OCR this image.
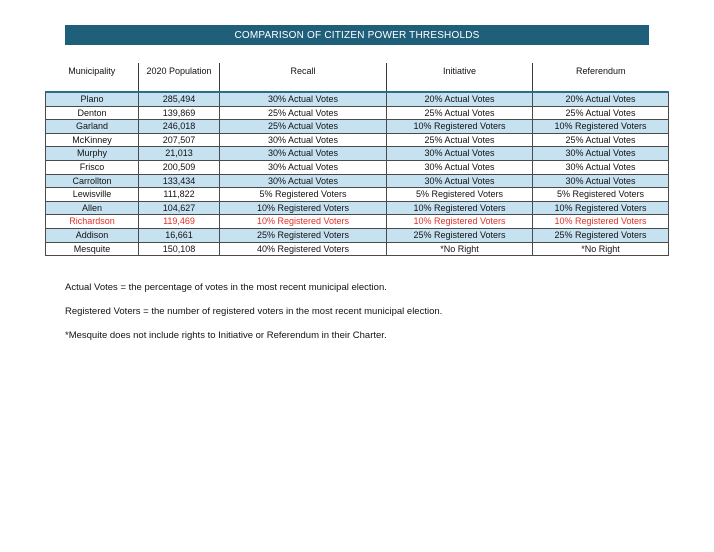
COMPARISON OF CITIZEN POWER THRESHOLDS
Municipality	2020 Population	Recall	Initiative	Referendum
Plano	285,494	30% Actual Votes	20% Actual Votes	20% Actual Votes
Denton	139,869	25% Actual Votes	25% Actual Votes	25% Actual Votes
Garland	246,018	25% Actual Votes	10% Registered Voters	10% Registered Voters
McKinney	207,507	30% Actual Votes	25% Actual Votes	25% Actual Votes
Murphy	21,013	30% Actual Votes	30% Actual Votes	30% Actual Votes
Frisco	200,509	30% Actual Votes	30% Actual Votes	30% Actual Votes
Carrollton	133,434	30% Actual Votes	30% Actual Votes	30% Actual Votes
Lewisville	111,822	5% Registered Voters	5% Registered Voters	5% Registered Voters
Allen	104,627	10% Registered Voters	10% Registered Voters	10% Registered Voters
Richardson	119,469	10% Registered Voters	10% Registered Voters	10% Registered Voters
Addison	16,661	25% Registered Voters	25% Registered Voters	25% Registered Voters
Mesquite	150,108	40% Registered Voters	*No Right	*No Right

Actual Votes = the percentage of votes in the most recent municipal election.

Registered Voters = the number of registered voters in the most recent municipal election.

*Mesquite does not include rights to Initiative or Referendum in their Charter.
